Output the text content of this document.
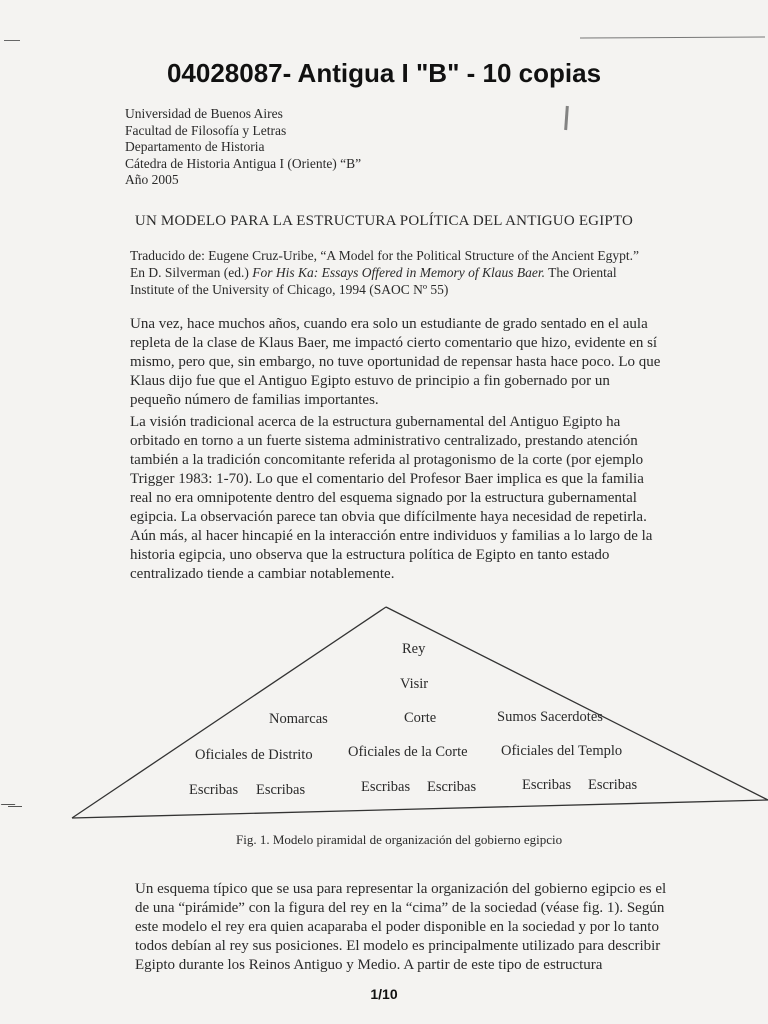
04028087- Antigua I "B" - 10 copias
Universidad de Buenos Aires
Facultad de Filosofía y Letras
Departamento de Historia
Cátedra de Historia Antigua I (Oriente) “B”
Año 2005
UN MODELO PARA LA ESTRUCTURA POLÍTICA DEL ANTIGUO EGIPTO
Traducido de: Eugene Cruz-Uribe, “A Model for the Political Structure of the Ancient Egypt.”
En D. Silverman (ed.) For His Ka: Essays Offered in Memory of Klaus Baer. The Oriental
Institute of the University of Chicago, 1994 (SAOC Nº 55)
Una vez, hace muchos años, cuando era solo un estudiante de grado sentado en el aula
repleta de la clase de Klaus Baer, me impactó cierto comentario que hizo, evidente en sí
mismo, pero que, sin embargo, no tuve oportunidad de repensar hasta hace poco. Lo que
Klaus dijo fue que el Antiguo Egipto estuvo de principio a fin gobernado por un
pequeño número de familias importantes.
La visión tradicional acerca de la estructura gubernamental del Antiguo Egipto ha
orbitado en torno a un fuerte sistema administrativo centralizado, prestando atención
también a la tradición concomitante referida al protagonismo de la corte (por ejemplo
Trigger 1983: 1-70). Lo que el comentario del Profesor Baer implica es que la familia
real no era omnipotente dentro del esquema signado por la estructura gubernamental
egipcia. La observación parece tan obvia que difícilmente haya necesidad de repetirla.
Aún más, al hacer hincapié en la interacción entre individuos y familias a lo largo de la
historia egipcia, uno observa que la estructura política de Egipto en tanto estado
centralizado tiende a cambiar notablemente.
Rey
Visir
Nomarcas	Corte	Sumos Sacerdotes
Oficiales de Distrito Oficiales de la Corte Oficiales del Templo
Escribas Escribas	Escribas Escribas	Escribas Escribas
Fig. 1. Modelo piramidal de organización del gobierno egipcio
Un esquema típico que se usa para representar la organización del gobierno egipcio es el
de una “pirámide” con la figura del rey en la “cima” de la sociedad (véase fig. 1). Según
este modelo el rey era quien acaparaba el poder disponible en la sociedad y por lo tanto
todos debían al rey sus posiciones. El modelo es principalmente utilizado para describir
Egipto durante los Reinos Antiguo y Medio. A partir de este tipo de estructura
1/10
